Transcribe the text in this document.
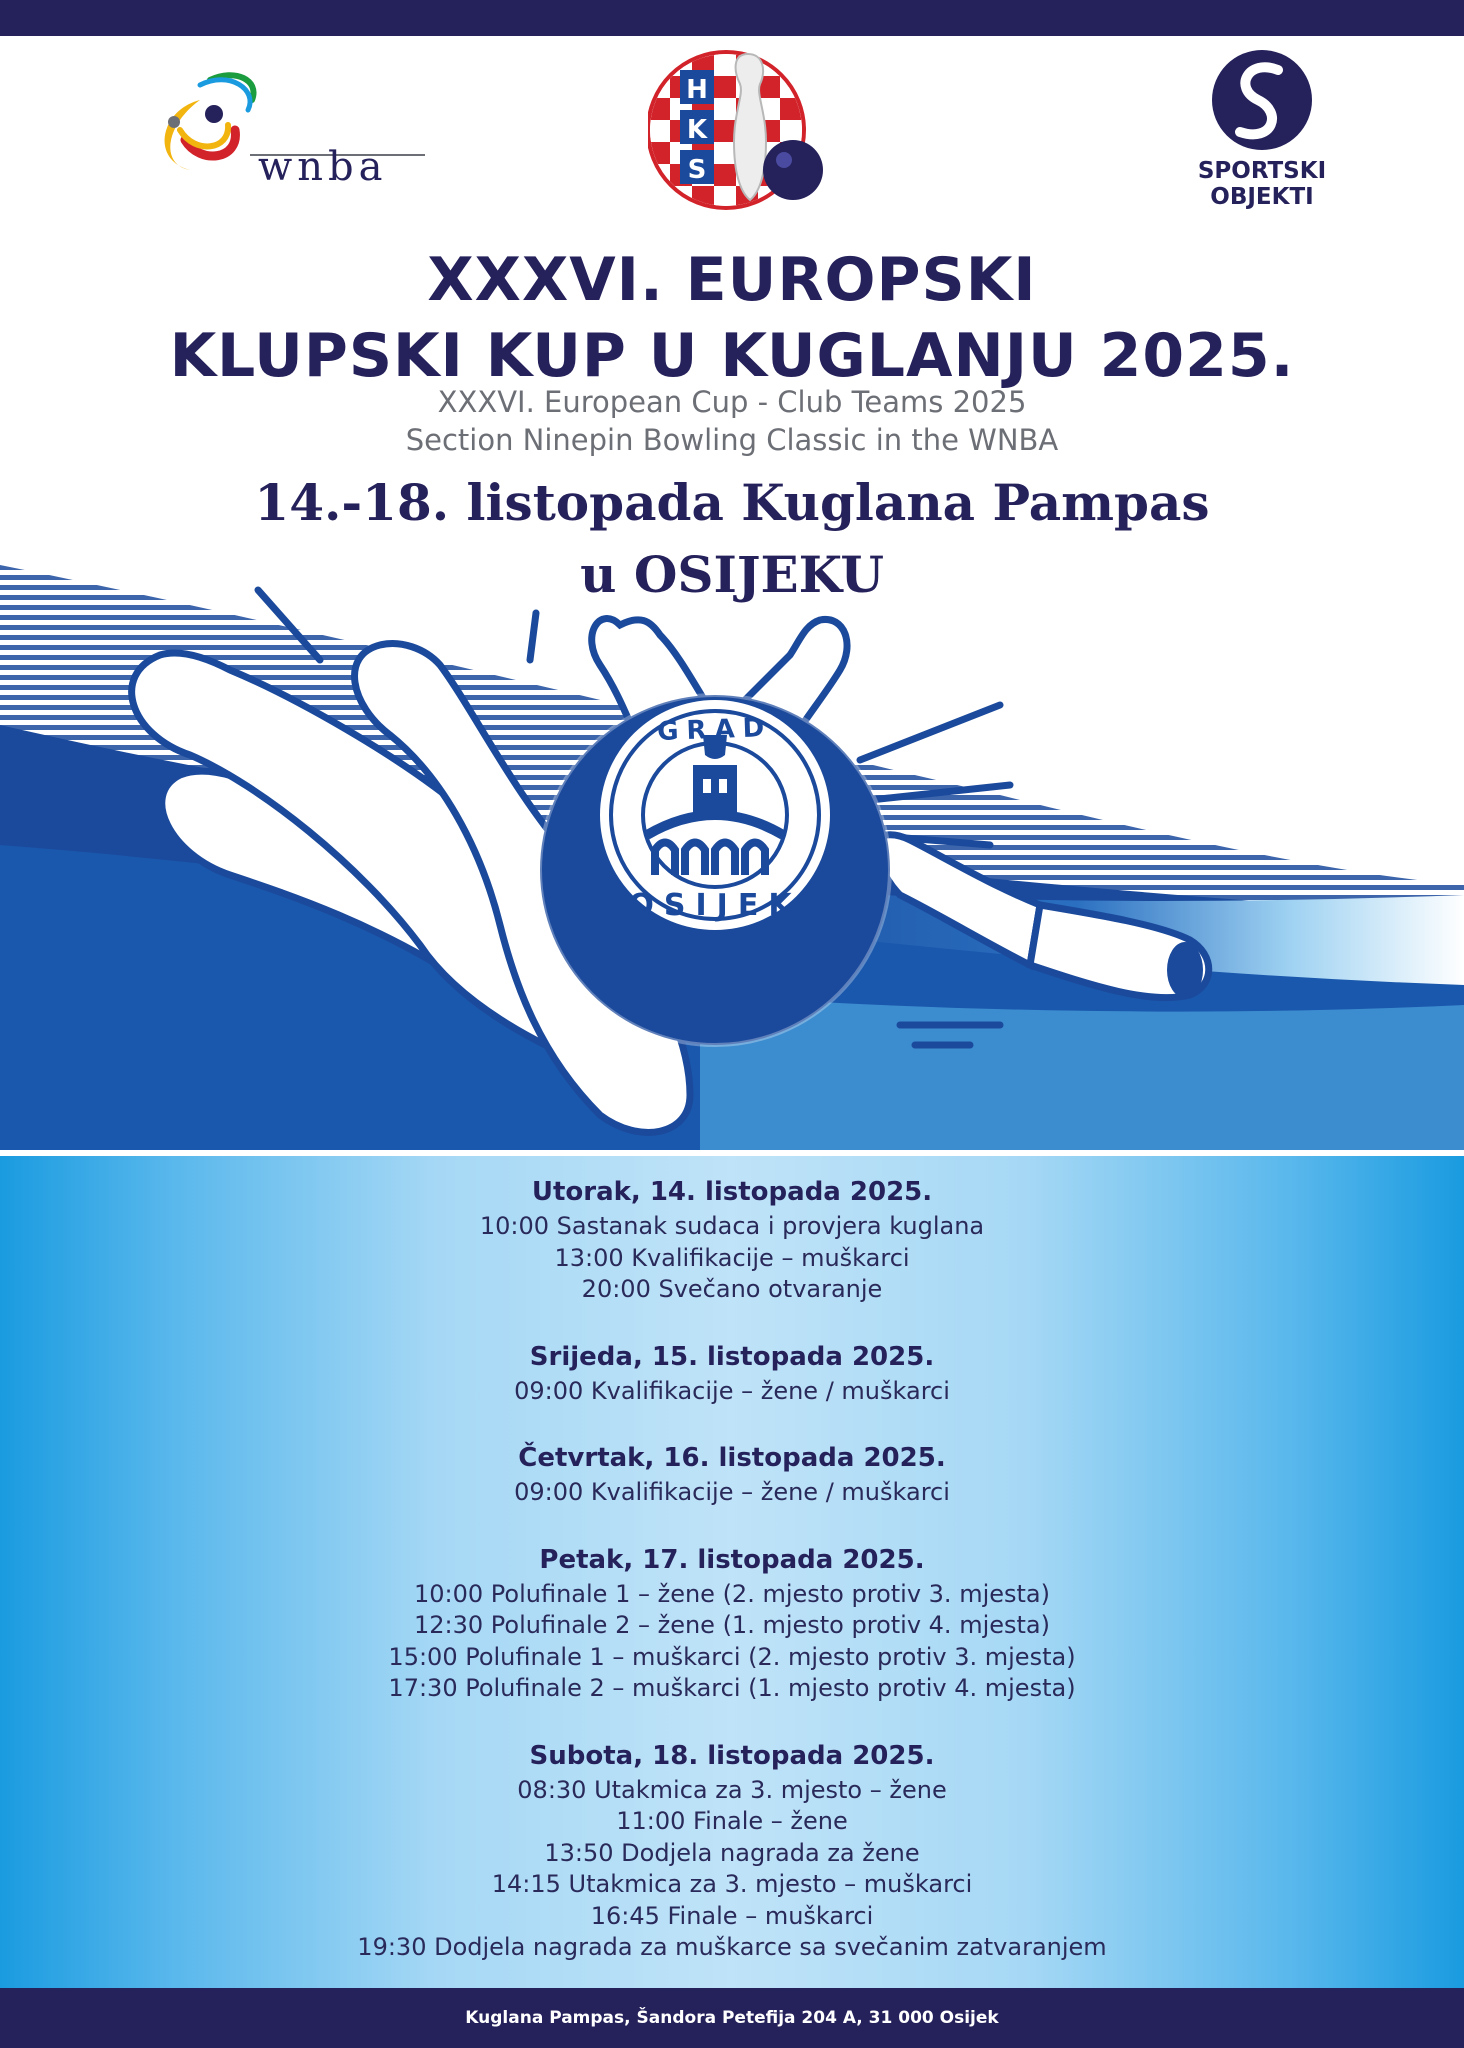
wnba
H
K
S	SPORTSKI
OBJEKTI
XXXVI. EUROPSKI
KLUPSKI KUP U KUGLANJU 2025.
XXXVI. European Cup - Club Teams 2025
Section Ninepin Bowling Classic in the WNBA
14.-18. listopada Kuglana Pampas
u OSIJEKU
GRAD
OSIJEK
Utorak, 14. listopada 2025.
10:00 Sastanak sudaca i provjera kuglana
13:00 Kvalifikacije – muškarci
20:00 Svečano otvaranje
Srijeda, 15. listopada 2025.
09:00 Kvalifikacije – žene / muškarci
Četvrtak, 16. listopada 2025.
09:00 Kvalifikacije – žene / muškarci
Petak, 17. listopada 2025.
10:00 Polufinale 1 – žene (2. mjesto protiv 3. mjesta)
12:30 Polufinale 2 – žene (1. mjesto protiv 4. mjesta)
15:00 Polufinale 1 – muškarci (2. mjesto protiv 3. mjesta)
17:30 Polufinale 2 – muškarci (1. mjesto protiv 4. mjesta)
Subota, 18. listopada 2025.
08:30 Utakmica za 3. mjesto – žene
11:00 Finale – žene
13:50 Dodjela nagrada za žene
14:15 Utakmica za 3. mjesto – muškarci
16:45 Finale – muškarci
19:30 Dodjela nagrada za muškarce sa svečanim zatvaranjem
Kuglana Pampas, Šandora Petefija 204 A, 31 000 Osijek
